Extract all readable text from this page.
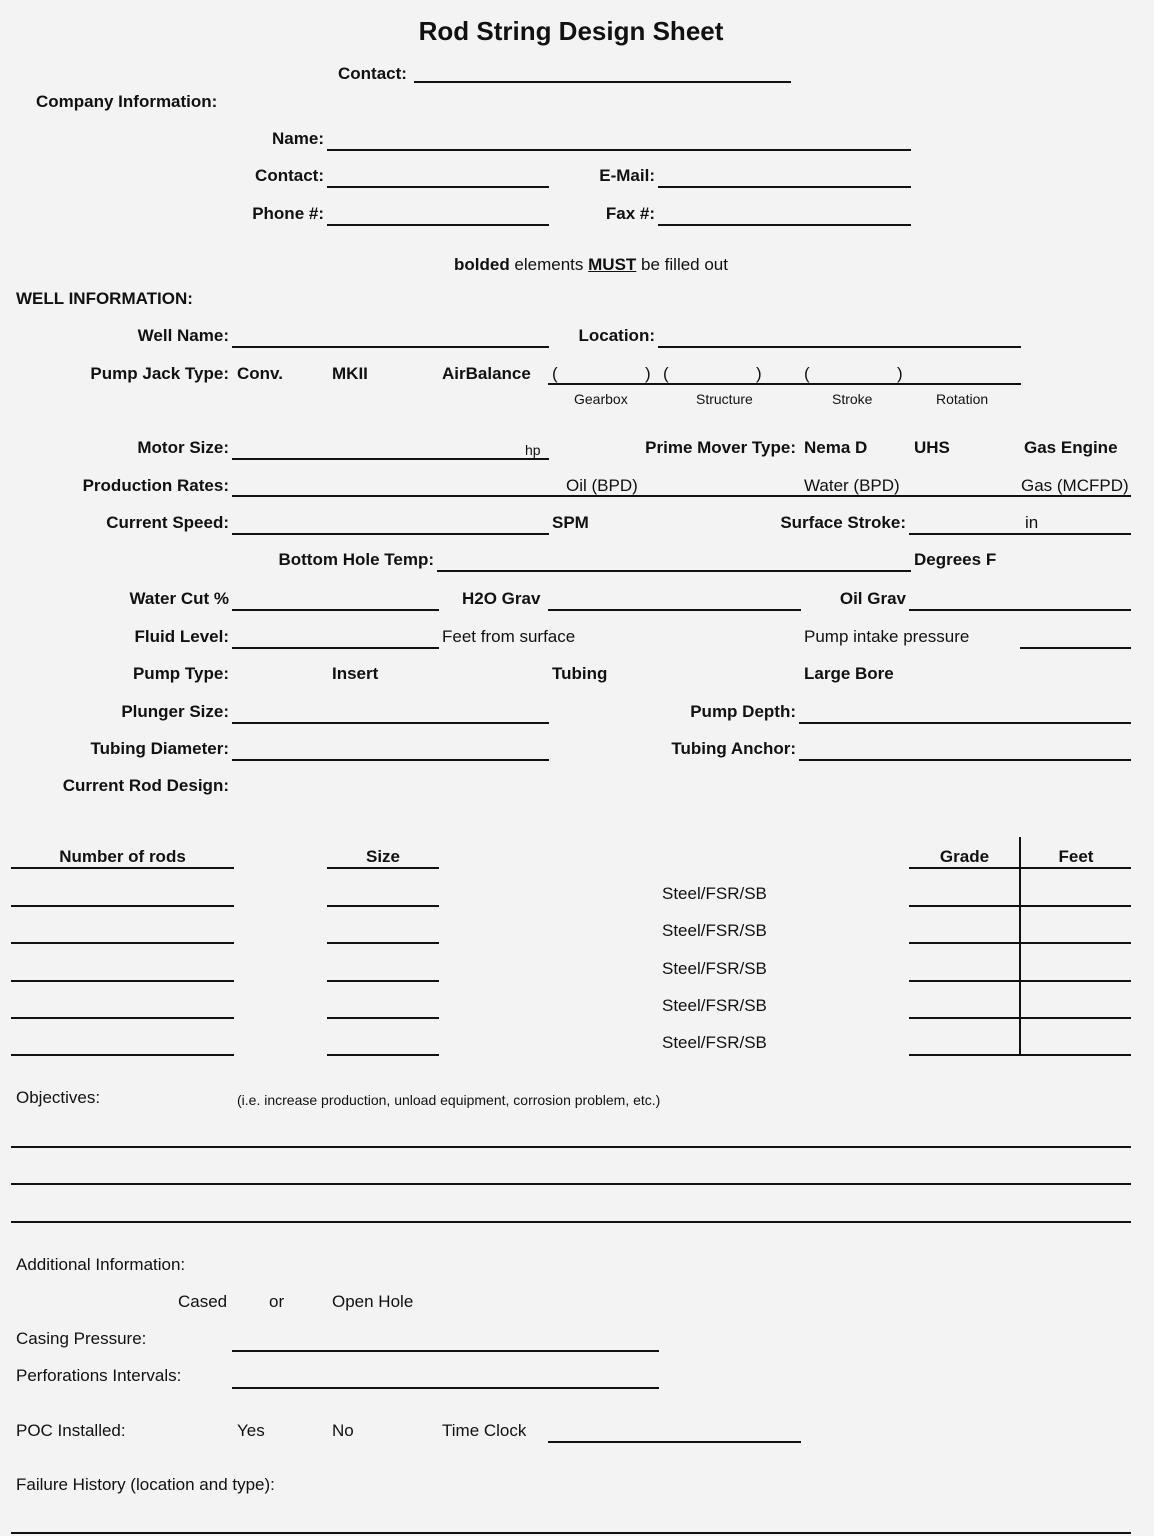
Rod String Design Sheet
Contact:
Company Information:
Name:
Contact:	E-Mail:
Phone #:	Fax #:
bolded elements MUST be filled out
WELL INFORMATION:
Well Name:	Location:
Pump Jack Type: Conv.	MKII	AirBalance (	) (	) (	)
Gearbox	Structure	Stroke	Rotation
Motor Size:	hp	Prime Mover Type: Nema D	UHS	Gas Engine
Production Rates:	Oil (BPD)	Water (BPD)	Gas (MCFPD)
Current Speed:	SPM	Surface Stroke:	in
Bottom Hole Temp:	Degrees F
Water Cut %	H2O Grav	Oil Grav
Fluid Level:	Feet from surface	Pump intake pressure
Pump Type:	Insert	Tubing	Large Bore
Plunger Size:	Pump Depth:
Tubing Diameter:	Tubing Anchor:
Current Rod Design:
Number of rods	Size	Grade	Feet
Steel/FSR/SB
Steel/FSR/SB
Steel/FSR/SB
Steel/FSR/SB
Steel/FSR/SB
Objectives:	(i.e. increase production, unload equipment, corrosion problem, etc.)
Additional Information:
Cased or	Open Hole
Casing Pressure:
Perforations Intervals:
POC Installed:	Yes	No	Time Clock
Failure History (location and type):
